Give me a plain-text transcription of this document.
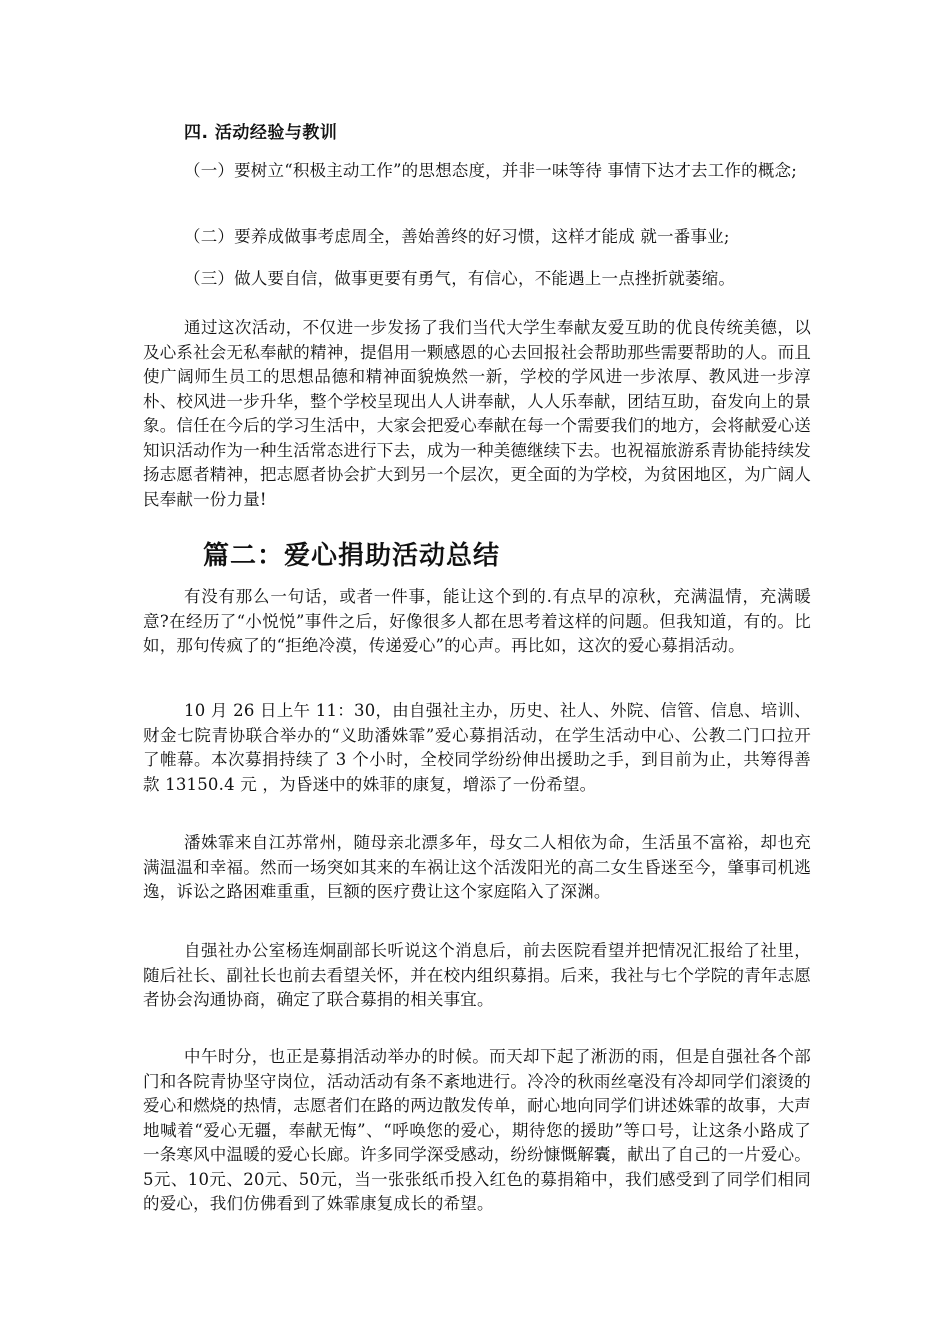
四. 活动经验与教训

（一）要树立“积极主动工作”的思想态度，并非一味等待 事情下达才去工作的概念;

（二）要养成做事考虑周全，善始善终的好习惯，这样才能成 就一番事业;

（三）做人要自信，做事更要有勇气，有信心，不能遇上一点挫折就萎缩。

通过这次活动，不仅进一步发扬了我们当代大学生奉献友爱互助的优良传统美德，以及心系社会无私奉献的精神，提倡用一颗感恩的心去回报社会帮助那些需要帮助的人。而且使广阔师生员工的思想品德和精神面貌焕然一新，学校的学风进一步浓厚、教风进一步淳朴、校风进一步升华，整个学校呈现出人人讲奉献，人人乐奉献，团结互助，奋发向上的景象。信任在今后的学习生活中，大家会把爱心奉献在每一个需要我们的地方，会将献爱心送知识活动作为一种生活常态进行下去，成为一种美德继续下去。也祝福旅游系青协能持续发扬志愿者精神，把志愿者协会扩大到另一个层次，更全面的为学校，为贫困地区，为广阔人民奉献一份力量!

篇二：爱心捐助活动总结

有没有那么一句话，或者一件事，能让这个到的.有点早的凉秋，充满温情，充满暖意?在经历了“小悦悦”事件之后，好像很多人都在思考着这样的问题。但我知道，有的。比如，那句传疯了的“拒绝冷漠，传递爱心”的心声。再比如，这次的爱心募捐活动。

10 月 26 日上午 11：30，由自强社主办，历史、社人、外院、信管、信息、培训、财金七院青协联合举办的“义助潘姝霏”爱心募捐活动，在学生活动中心、公教二门口拉开了帷幕。本次募捐持续了 3 个小时，全校同学纷纷伸出援助之手，到目前为止，共筹得善款 13150.4 元 ，为昏迷中的姝菲的康复，增添了一份希望。

潘姝霏来自江苏常州，随母亲北漂多年，母女二人相依为命，生活虽不富裕，却也充满温温和幸福。然而一场突如其来的车祸让这个活泼阳光的高二女生昏迷至今，肇事司机逃逸，诉讼之路困难重重，巨额的医疗费让这个家庭陷入了深渊。

自强社办公室杨连炯副部长听说这个消息后，前去医院看望并把情况汇报给了社里，随后社长、副社长也前去看望关怀，并在校内组织募捐。后来，我社与七个学院的青年志愿者协会沟通协商，确定了联合募捐的相关事宜。

中午时分，也正是募捐活动举办的时候。而天却下起了淅沥的雨，但是自强社各个部门和各院青协坚守岗位，活动活动有条不紊地进行。冷冷的秋雨丝毫没有冷却同学们滚烫的爱心和燃烧的热情，志愿者们在路的两边散发传单，耐心地向同学们讲述姝霏的故事，大声地喊着“爱心无疆，奉献无悔”、“呼唤您的爱心，期待您的援助”等口号，让这条小路成了一条寒风中温暖的爱心长廊。许多同学深受感动，纷纷慷慨解囊，献出了自己的一片爱心。5元、10元、20元、50元，当一张张纸币投入红色的募捐箱中，我们感受到了同学们相同的爱心，我们仿佛看到了姝霏康复成长的希望。
